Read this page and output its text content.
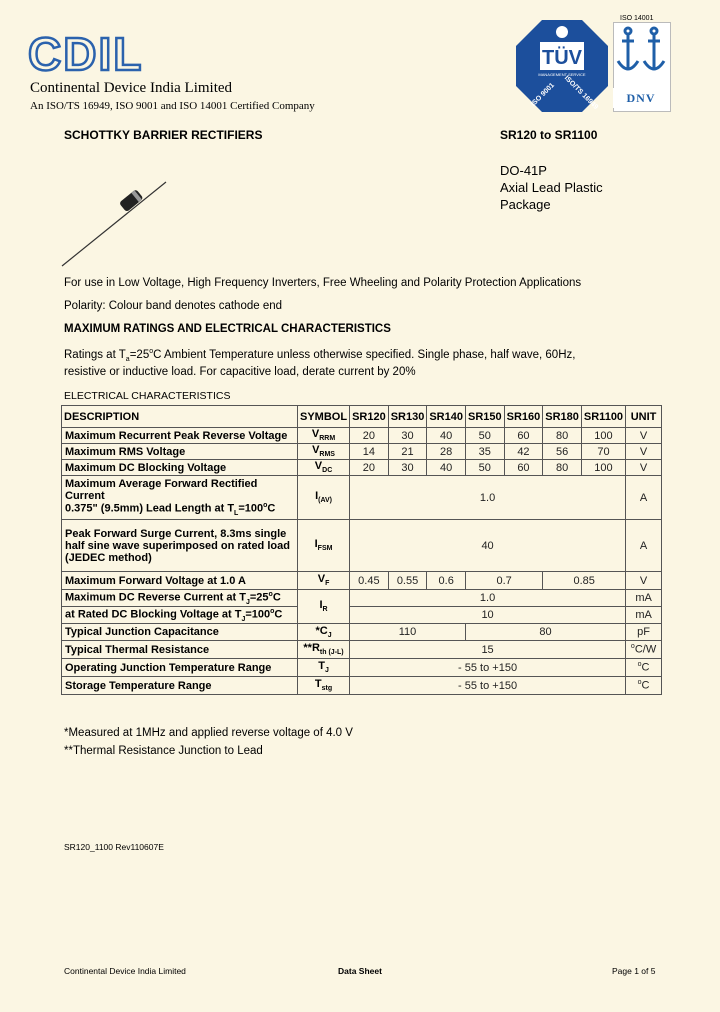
CDIL
Continental Device India Limited
An ISO/TS 16949, ISO 9001 and ISO 14001 Certified Company
ISO 14001
TÜV
MANAGEMENT SERVICE
ISO 9001 ISO/TS 16949	DNV
SCHOTTKY BARRIER RECTIFIERS	SR120 to SR1100
DO-41P
Axial Lead Plastic
Package
For use in Low Voltage, High Frequency Inverters, Free Wheeling and Polarity Protection Applications
Polarity: Colour band denotes cathode end
MAXIMUM RATINGS AND ELECTRICAL CHARACTERISTICS
Ratings at $T_a=25^oC$ Ambient Temperature unless otherwise specified. Single phase, half wave, 60Hz,
resistive or inductive load. For capacitive load, derate current by 20%
ELECTRICAL CHARACTERISTICS
DESCRIPTION	SYMBOL	SR120	SR130	SR140	SR150	SR160	SR180	SR1100	UNIT
Maximum Recurrent Peak Reverse Voltage	$V_{RRM}$	20	30	40	50	60	80	100	V
Maximum RMS Voltage	$V_{RMS}$	14	21	28	35	42	56	70	V
Maximum DC Blocking Voltage	$V_{DC}$	20	30	40	50	60	80	100	V

Maximum Average Forward Rectified Current
0.375" (9.5mm) Lead Length at $T_L=100^oC$	$I_{(AV)}$	1.0							A

Peak Forward Surge Current, 8.3ms single
half sine wave superimposed on rated load
(JEDEC method)	$I_{FSM}$	40							A
Maximum Forward Voltage at 1.0 A	$V_F$	0.45	0.55	0.6	0.7		0.85		V
Maximum DC Reverse Current at $T_J=25^oC$	$I_R$	1.0							mA
at Rated DC Blocking Voltage at $T_J=100^oC$		10							mA
Typical Junction Capacitance	$*C_J$	110			80				pF
Typical Thermal Resistance	$**R_{th (J-L)}$	15							$^o$C/W
Operating Junction Temperature Range	$T_J$	- 55 to +150							$^o$C
Storage Temperature Range	$T_{stg}$	- 55 to +150							$^o$C
*Measured at 1MHz and applied reverse voltage of 4.0 V
**Thermal Resistance Junction to Lead
SR120_1100 Rev110607E
Continental Device India Limited	Data Sheet	Page 1 of 5
